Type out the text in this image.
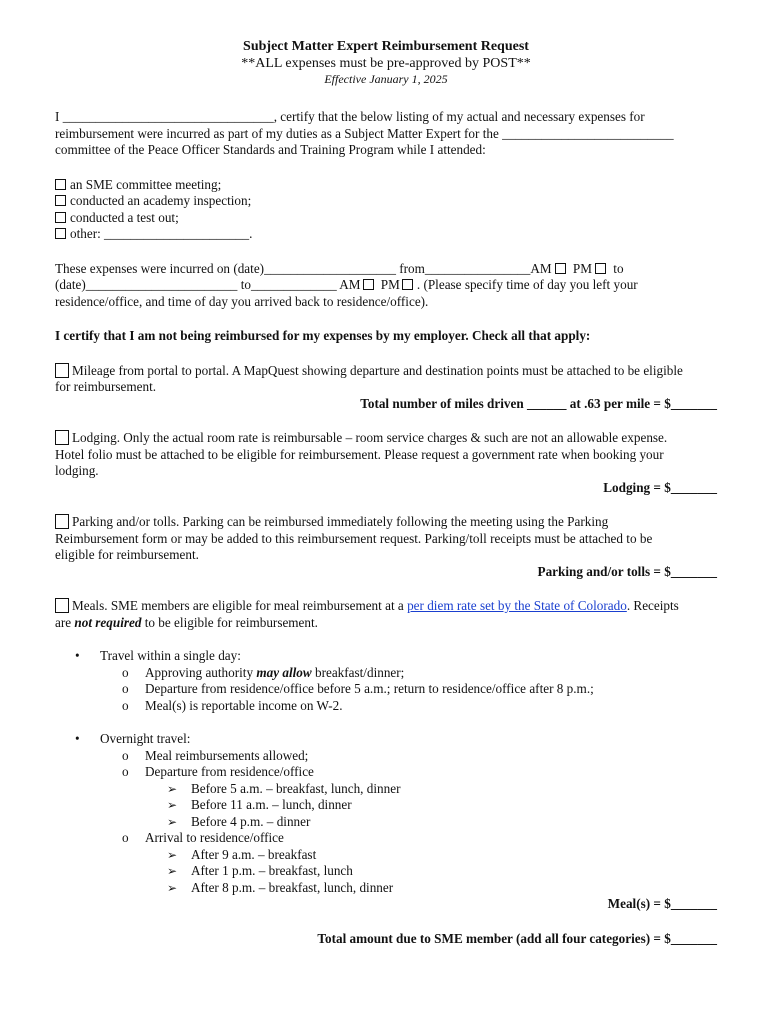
Subject Matter Expert Reimbursement Request

**ALL expenses must be pre-approved by POST**

Effective January 1, 2025

I ________________________________, certify that the below listing of my actual and necessary expenses for

reimbursement were incurred as part of my duties as a Subject Matter Expert for the __________________________

committee of the Peace Officer Standards and Training Program while I attended:

an SME committee meeting;
conducted an academy inspection;
conducted a test out;
other: ______________________.

These expenses were incurred on (date)____________________ from________________AM PM to

(date)_______________________ to_____________ AM PM . (Please specify time of day you left your

residence/office, and time of day you arrived back to residence/office).

I certify that I am not being reimbursed for my expenses by my employer. Check all that apply:

Mileage from portal to portal. A MapQuest showing departure and destination points must be attached to be eligible

for reimbursement.

Total number of miles driven ______ at .63 per mile = $_______

Lodging. Only the actual room rate is reimbursable – room service charges & such are not an allowable expense.

Hotel folio must be attached to be eligible for reimbursement. Please request a government rate when booking your

lodging.

Lodging = $_______

Parking and/or tolls. Parking can be reimbursed immediately following the meeting using the Parking

Reimbursement form or may be added to this reimbursement request. Parking/toll receipts must be attached to be

eligible for reimbursement.

Parking and/or tolls = $_______

Meals. SME members are eligible for meal reimbursement at a per diem rate set by the State of Colorado. Receipts

are not required to be eligible for reimbursement.

• Travel within a single day:
o Approving authority may allow breakfast/dinner;
o Departure from residence/office before 5 a.m.; return to residence/office after 8 p.m.;
o Meal(s) is reportable income on W-2.
• Overnight travel:
o Meal reimbursements allowed;
o Departure from residence/office
➢ Before 5 a.m. – breakfast, lunch, dinner
➢ Before 11 a.m. – lunch, dinner
➢ Before 4 p.m. – dinner
o Arrival to residence/office
➢ After 9 a.m. – breakfast
➢ After 1 p.m. – breakfast, lunch
➢ After 8 p.m. – breakfast, lunch, dinner

Meal(s) = $_______

Total amount due to SME member (add all four categories) = $_______
